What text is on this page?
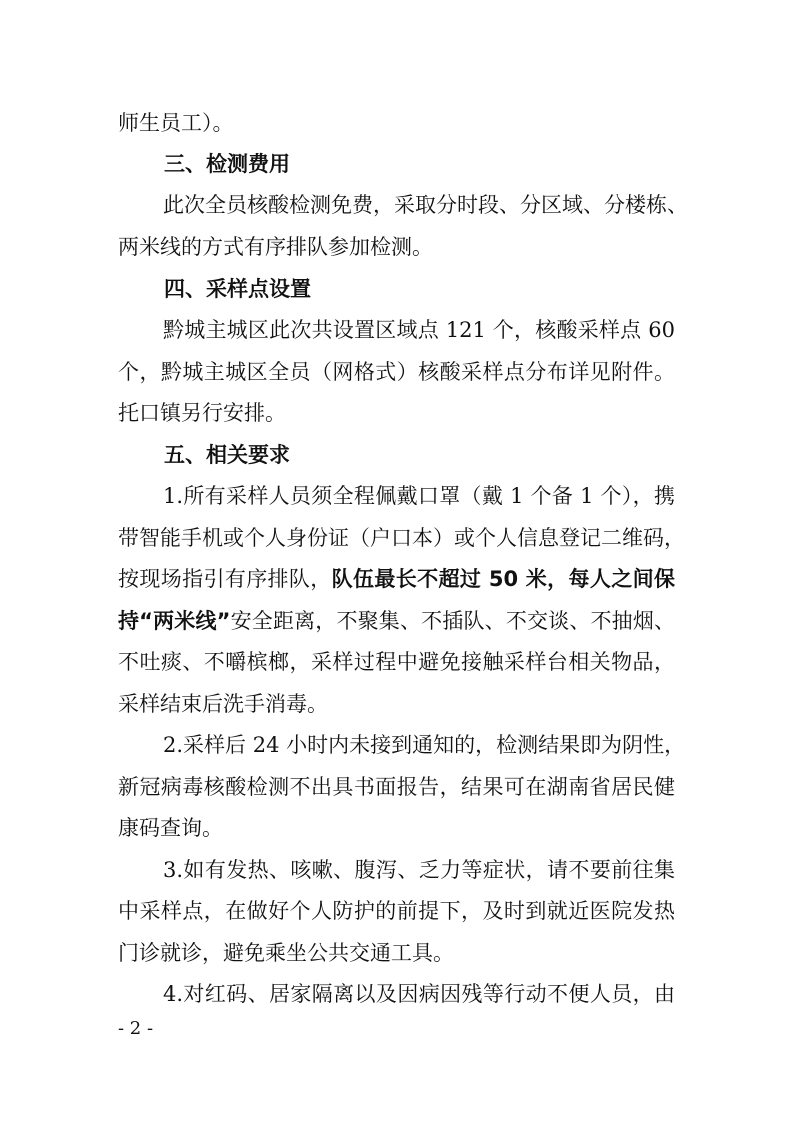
师生员工）。
三、检测费用
此次全员核酸检测免费，采取分时段、分区域、分楼栋、
两米线的方式有序排队参加检测。
四、采样点设置
黔城主城区此次共设置区域点 121 个，核酸采样点 60
个，黔城主城区全员（网格式）核酸采样点分布详见附件。
托口镇另行安排。
五、相关要求
1.所有采样人员须全程佩戴口罩（戴 1 个备 1 个），携
带智能手机或个人身份证（户口本）或个人信息登记二维码，
按现场指引有序排队，队伍最长不超过 50 米，每人之间保
持“两米线”安全距离，不聚集、不插队、不交谈、不抽烟、
不吐痰、不嚼槟榔，采样过程中避免接触采样台相关物品，
采样结束后洗手消毒。
2.采样后 24 小时内未接到通知的，检测结果即为阴性，
新冠病毒核酸检测不出具书面报告，结果可在湖南省居民健
康码查询。
3.如有发热、咳嗽、腹泻、乏力等症状，请不要前往集
中采样点，在做好个人防护的前提下，及时到就近医院发热
门诊就诊，避免乘坐公共交通工具。
4.对红码、居家隔离以及因病因残等行动不便人员，由
- 2 -
